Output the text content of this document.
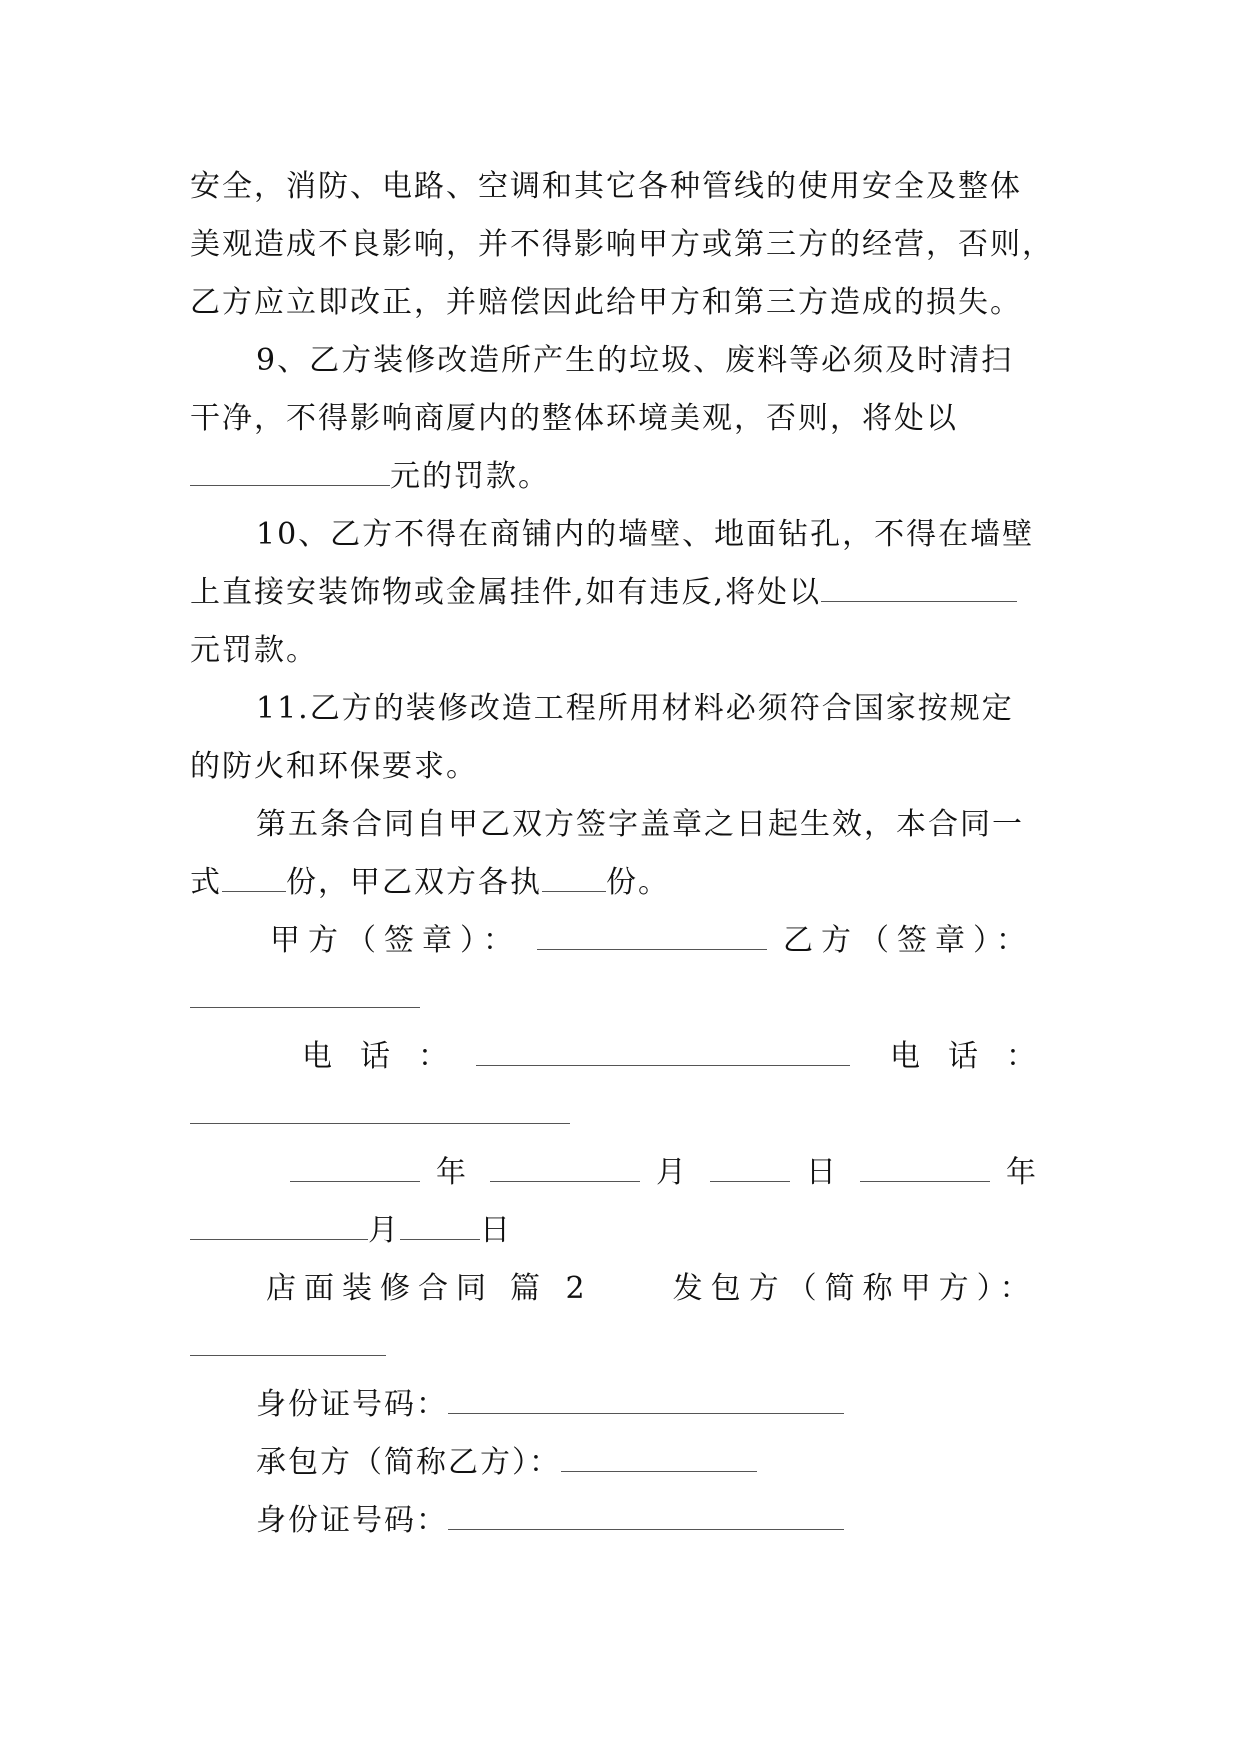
安全，消防、电路、空调和其它各种管线的使用安全及整体

美观造成不良影响，并不得影响甲方或第三方的经营，否则，

乙方应立即改正，并赔偿因此给甲方和第三方造成的损失。

9、乙方装修改造所产生的垃圾、废料等必须及时清扫

干净，不得影响商厦内的整体环境美观，否则，将处以

元的罚款。

10、乙方不得在商铺内的墙壁、地面钻孔，不得在墙壁

上直接安装饰物或金属挂件,如有违反,将处以

元罚款。

11.乙方的装修改造工程所用材料必须符合国家按规定

的防火和环保要求。

第五条合同自甲乙双方签字盖章之日起生效，本合同一

式 份，甲乙双方各执 份。

甲方（签章）：	乙方（签章）：

电话：	电话：

年	月	日	年

月	日

店面装修合同 篇 2	发包方（简称甲方）：

身份证号码：

承包方（简称乙方）：

身份证号码：
